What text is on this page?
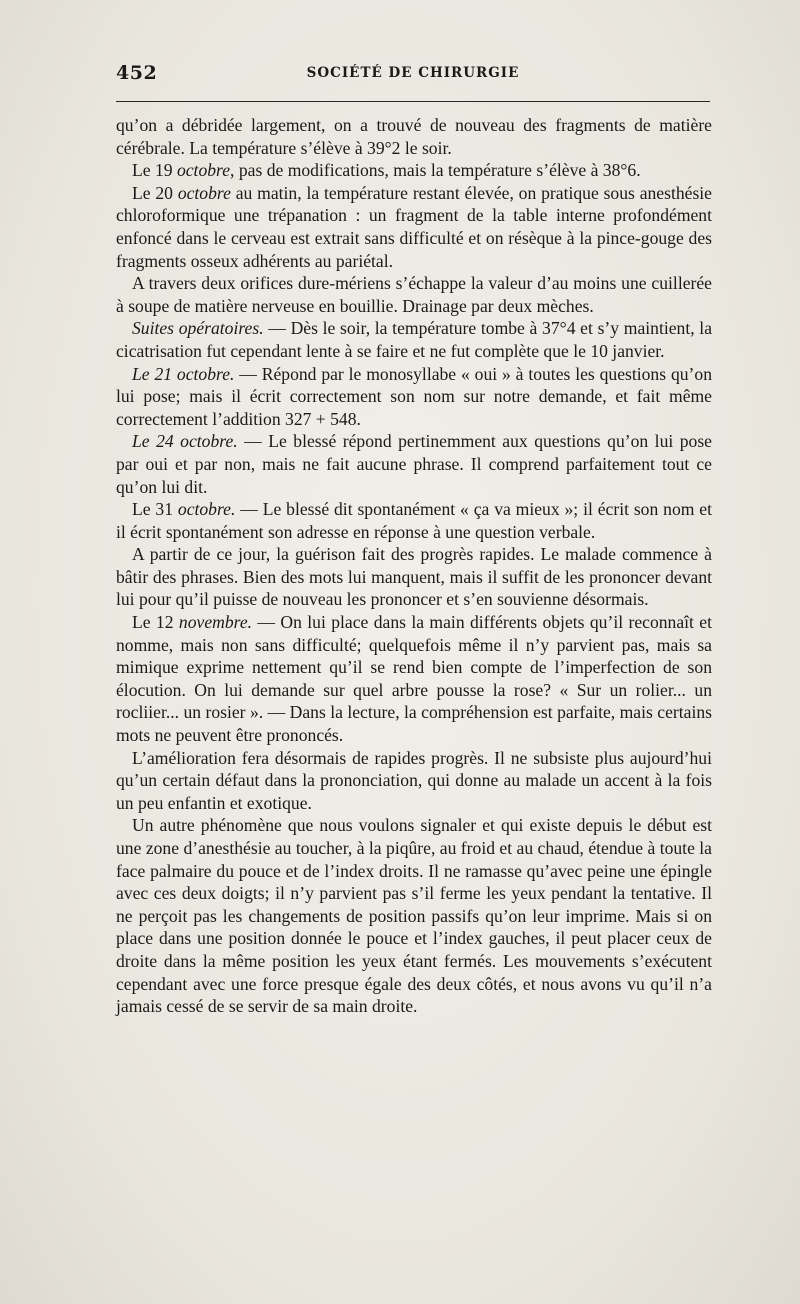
452	SOCIÉTÉ DE CHIRURGIE

qu’on a débridée largement, on a trouvé de nouveau des fragments de matière cérébrale. La température s’élève à 39°2 le soir.

Le 19 octobre, pas de modifications, mais la température s’élève à 38°6.

Le 20 octobre au matin, la température restant élevée, on pratique sous anesthésie chloroformique une trépanation : un fragment de la table interne profondément enfoncé dans le cerveau est extrait sans difficulté et on résèque à la pince-gouge des fragments osseux adhérents au pariétal.

A travers deux orifices dure-mériens s’échappe la valeur d’au moins une cuillerée à soupe de matière nerveuse en bouillie. Drainage par deux mèches.

Suites opératoires. — Dès le soir, la température tombe à 37°4 et s’y maintient, la cicatrisation fut cependant lente à se faire et ne fut complète que le 10 janvier.

Le 21 octobre. — Répond par le monosyllabe « oui » à toutes les questions qu’on lui pose; mais il écrit correctement son nom sur notre demande, et fait même correctement l’addition 327 + 548.

Le 24 octobre. — Le blessé répond pertinemment aux questions qu’on lui pose par oui et par non, mais ne fait aucune phrase. Il comprend parfaitement tout ce qu’on lui dit.

Le 31 octobre. — Le blessé dit spontanément « ça va mieux »; il écrit son nom et il écrit spontanément son adresse en réponse à une question verbale.

A partir de ce jour, la guérison fait des progrès rapides. Le malade commence à bâtir des phrases. Bien des mots lui manquent, mais il suffit de les prononcer devant lui pour qu’il puisse de nouveau les prononcer et s’en souvienne désormais.

Le 12 novembre. — On lui place dans la main différents objets qu’il reconnaît et nomme, mais non sans difficulté; quelquefois même il n’y parvient pas, mais sa mimique exprime nettement qu’il se rend bien compte de l’imperfection de son élocution. On lui demande sur quel arbre pousse la rose? « Sur un rolier... un rocliier... un rosier ». — Dans la lecture, la compréhension est parfaite, mais certains mots ne peuvent être prononcés.

L’amélioration fera désormais de rapides progrès. Il ne subsiste plus aujourd’hui qu’un certain défaut dans la prononciation, qui donne au malade un accent à la fois un peu enfantin et exotique.

Un autre phénomène que nous voulons signaler et qui existe depuis le début est une zone d’anesthésie au toucher, à la piqûre, au froid et au chaud, étendue à toute la face palmaire du pouce et de l’index droits. Il ne ramasse qu’avec peine une épingle avec ces deux doigts; il n’y parvient pas s’il ferme les yeux pendant la tentative. Il ne perçoit pas les changements de position passifs qu’on leur imprime. Mais si on place dans une position donnée le pouce et l’index gauches, il peut placer ceux de droite dans la même position les yeux étant fermés. Les mouvements s’exécutent cependant avec une force presque égale des deux côtés, et nous avons vu qu’il n’a jamais cessé de se servir de sa main droite.
